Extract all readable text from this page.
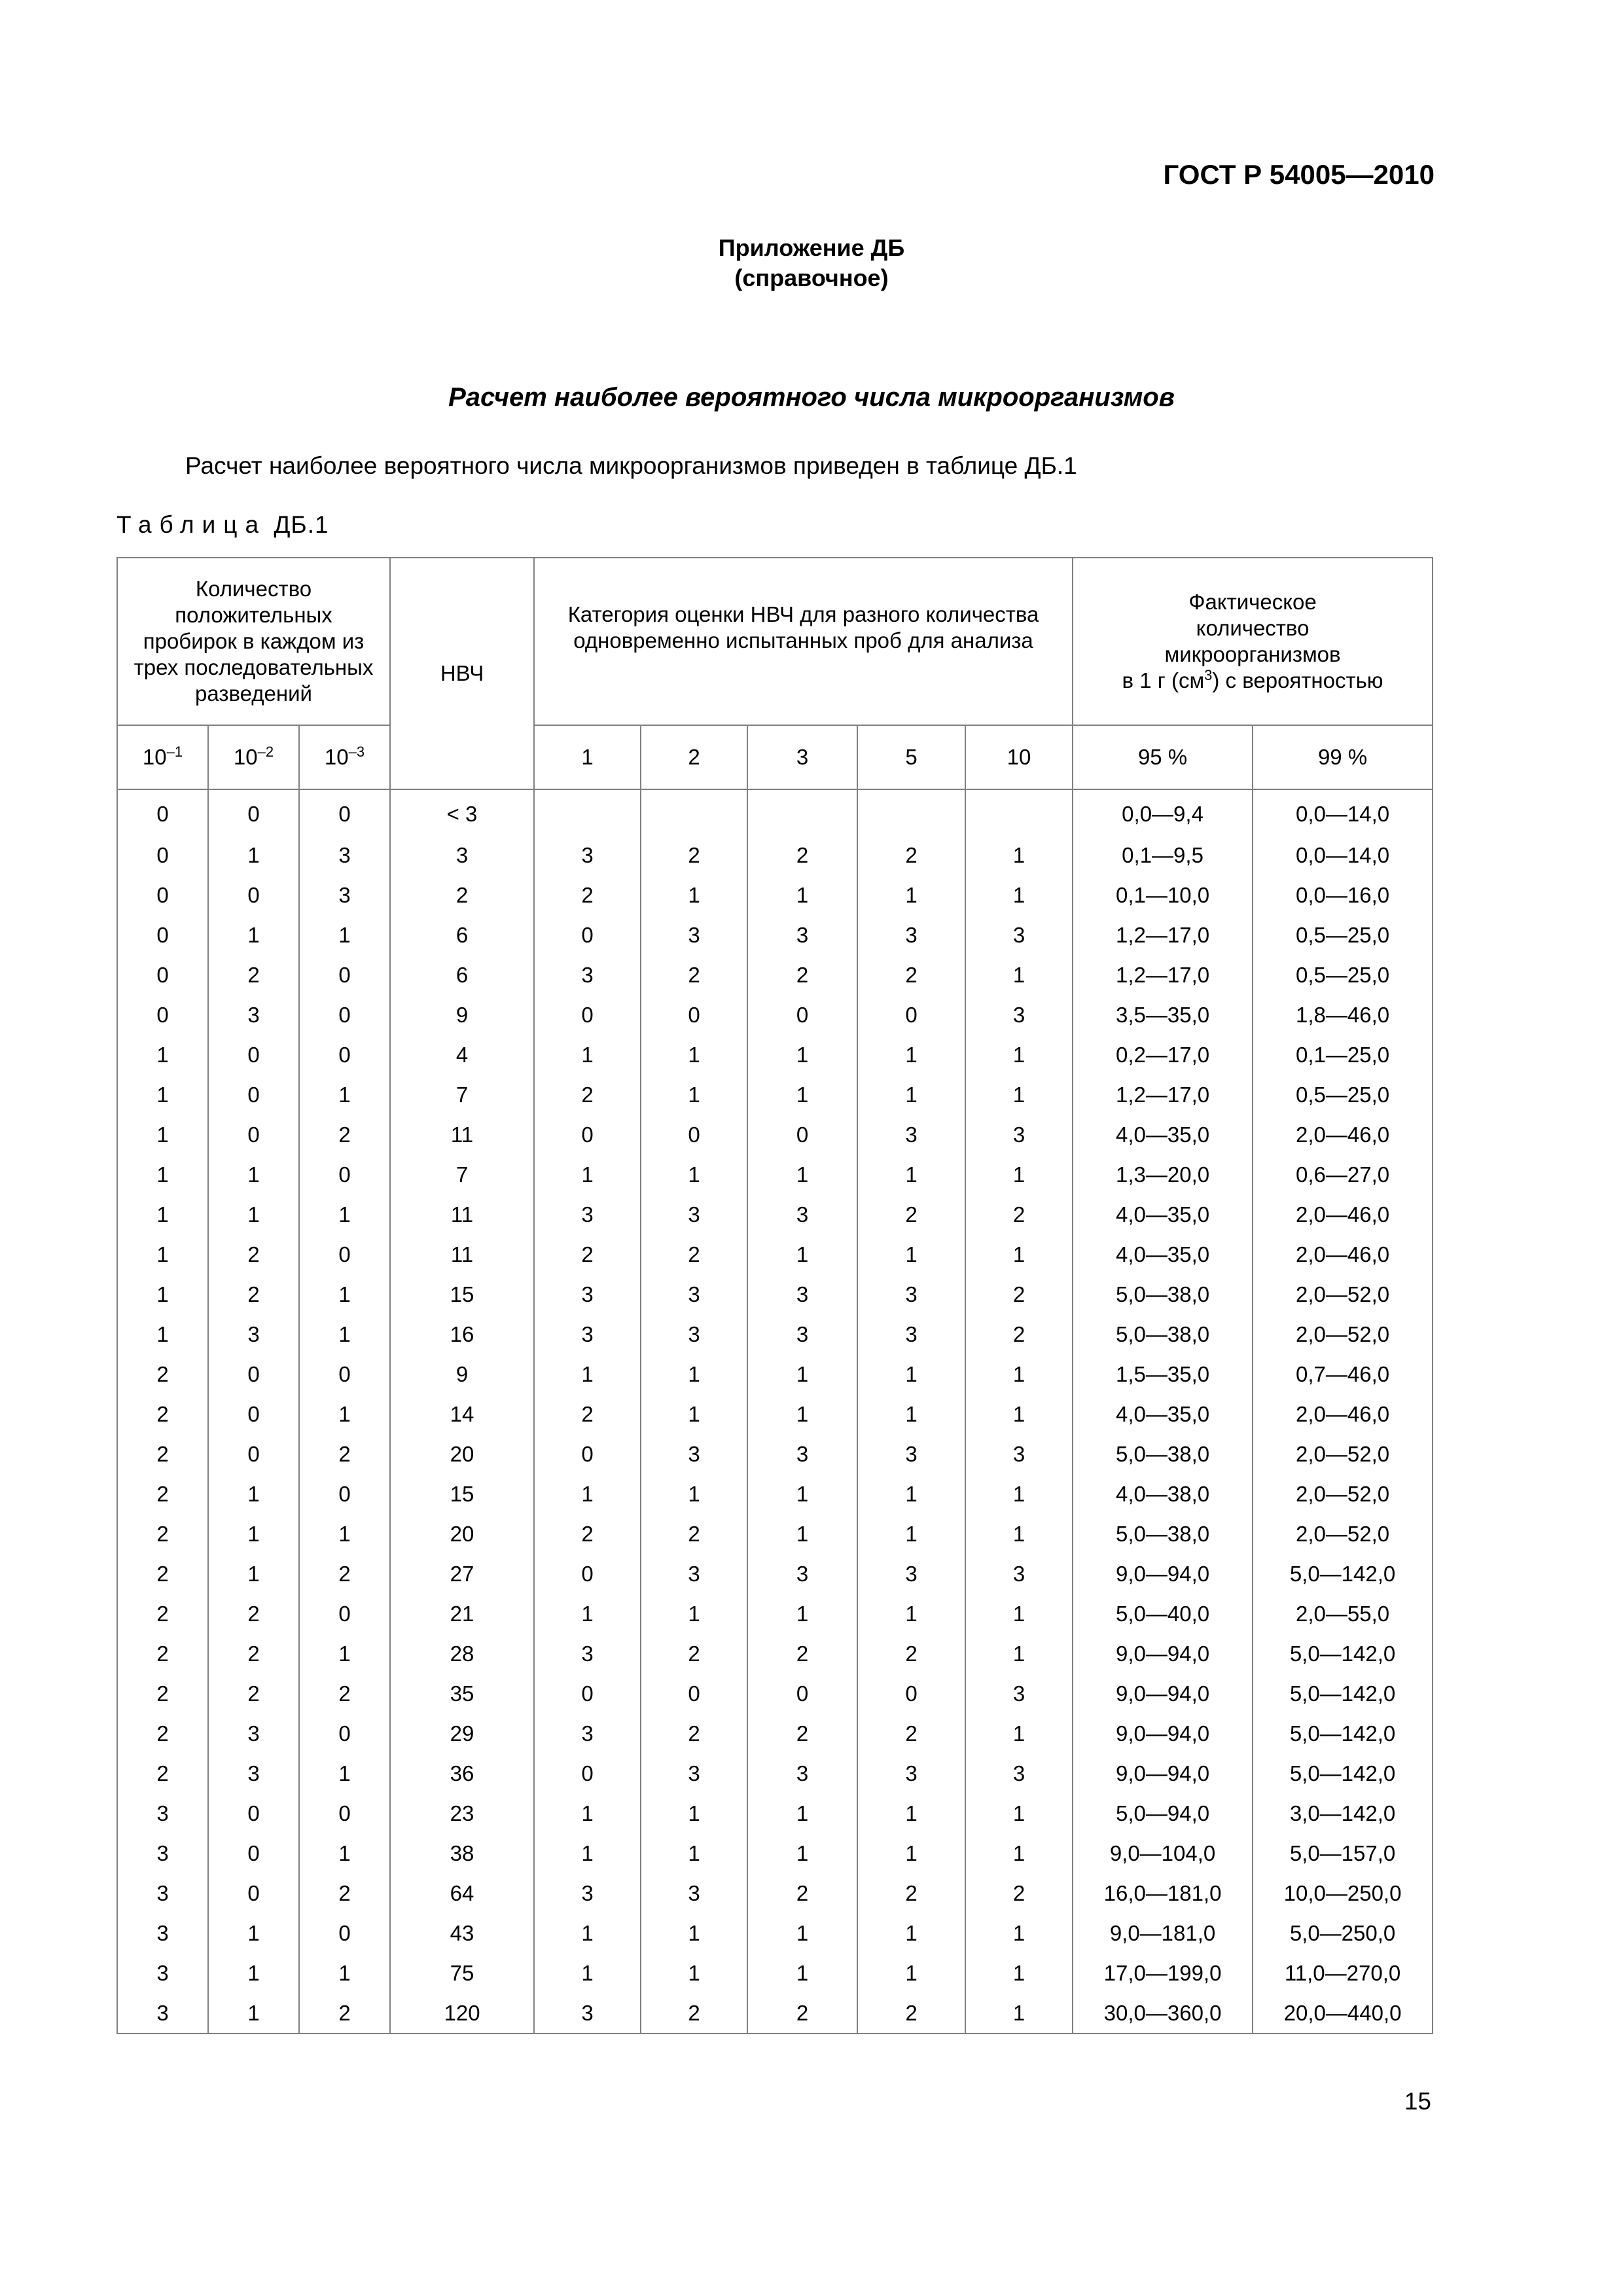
ГОСТ Р 54005—2010
Приложение ДБ
(справочное)
Расчет наиболее вероятного числа микроорганизмов
Расчет наиболее вероятного числа микроорганизмов приведен в таблице ДБ.1
Таблица ДБ.1
Количество положительных пробирок в каждом из трех последовательных разведений			НВЧ	Категория оценки НВЧ для разного количества одновременно испытанных проб для анализа					Фактическое количество микроорганизмов
в 1 г $(см^3)$ с вероятностью	

$10^{-1}$	$10^{-2}$	$10^{-3}$		1	2	3	5	10	95 %	99 %
0	0	0	< 3						0,0—9,4	0,0—14,0
0	1	3	3	3	2	2	2	1	0,1—9,5	0,0—14,0
0	0	3	2	2	1	1	1	1	0,1—10,0	0,0—16,0
0	1	1	6	0	3	3	3	3	1,2—17,0	0,5—25,0
0	2	0	6	3	2	2	2	1	1,2—17,0	0,5—25,0
0	3	0	9	0	0	0	0	3	3,5—35,0	1,8—46,0
1	0	0	4	1	1	1	1	1	0,2—17,0	0,1—25,0
1	0	1	7	2	1	1	1	1	1,2—17,0	0,5—25,0
1	0	2	11	0	0	0	3	3	4,0—35,0	2,0—46,0
1	1	0	7	1	1	1	1	1	1,3—20,0	0,6—27,0
1	1	1	11	3	3	3	2	2	4,0—35,0	2,0—46,0
1	2	0	11	2	2	1	1	1	4,0—35,0	2,0—46,0
1	2	1	15	3	3	3	3	2	5,0—38,0	2,0—52,0
1	3	1	16	3	3	3	3	2	5,0—38,0	2,0—52,0
2	0	0	9	1	1	1	1	1	1,5—35,0	0,7—46,0
2	0	1	14	2	1	1	1	1	4,0—35,0	2,0—46,0
2	0	2	20	0	3	3	3	3	5,0—38,0	2,0—52,0
2	1	0	15	1	1	1	1	1	4,0—38,0	2,0—52,0
2	1	1	20	2	2	1	1	1	5,0—38,0	2,0—52,0
2	1	2	27	0	3	3	3	3	9,0—94,0	5,0—142,0
2	2	0	21	1	1	1	1	1	5,0—40,0	2,0—55,0
2	2	1	28	3	2	2	2	1	9,0—94,0	5,0—142,0
2	2	2	35	0	0	0	0	3	9,0—94,0	5,0—142,0
2	3	0	29	3	2	2	2	1	9,0—94,0	5,0—142,0
2	3	1	36	0	3	3	3	3	9,0—94,0	5,0—142,0
3	0	0	23	1	1	1	1	1	5,0—94,0	3,0—142,0
3	0	1	38	1	1	1	1	1	9,0—104,0	5,0—157,0
3	0	2	64	3	3	2	2	2	16,0—181,0	10,0—250,0
3	1	0	43	1	1	1	1	1	9,0—181,0	5,0—250,0
3	1	1	75	1	1	1	1	1	17,0—199,0	11,0—270,0
3	1	2	120	3	2	2	2	1	30,0—360,0	20,0—440,0
15
